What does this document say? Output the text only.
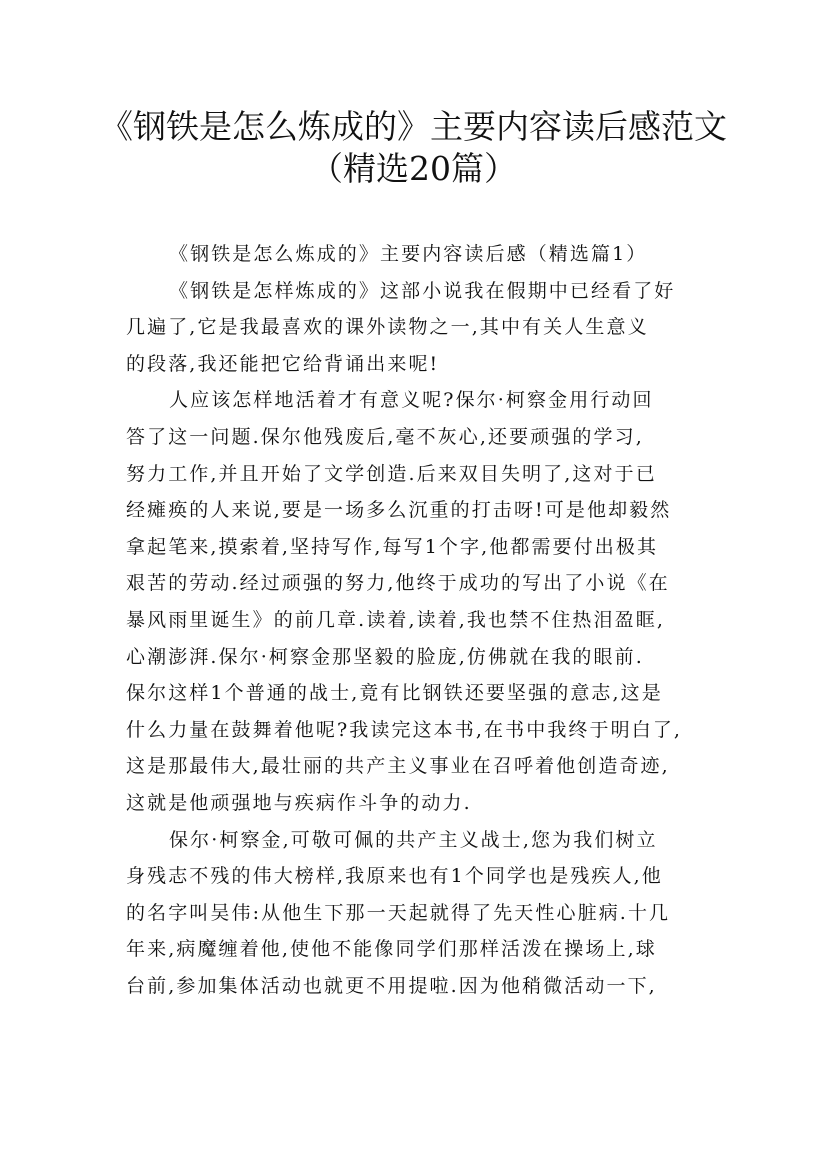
《钢铁是怎么炼成的》主要内容读后感范文
（精选20篇）
《钢铁是怎么炼成的》主要内容读后感（精选篇1）
《钢铁是怎样炼成的》这部小说我在假期中已经看了好
几遍了,它是我最喜欢的课外读物之一,其中有关人生意义
的段落,我还能把它给背诵出来呢!
人应该怎样地活着才有意义呢?保尔·柯察金用行动回
答了这一问题.保尔他残废后,毫不灰心,还要顽强的学习,
努力工作,并且开始了文学创造.后来双目失明了,这对于已
经瘫痪的人来说,要是一场多么沉重的打击呀!可是他却毅然
拿起笔来,摸索着,坚持写作,每写1个字,他都需要付出极其
艰苦的劳动.经过顽强的努力,他终于成功的写出了小说《在
暴风雨里诞生》的前几章.读着,读着,我也禁不住热泪盈眶,
心潮澎湃.保尔·柯察金那坚毅的脸庞,仿佛就在我的眼前.
保尔这样1个普通的战士,竟有比钢铁还要坚强的意志,这是
什么力量在鼓舞着他呢?我读完这本书,在书中我终于明白了,
这是那最伟大,最壮丽的共产主义事业在召呼着他创造奇迹,
这就是他顽强地与疾病作斗争的动力.
保尔·柯察金,可敬可佩的共产主义战士,您为我们树立
身残志不残的伟大榜样,我原来也有1个同学也是残疾人,他
的名字叫吴伟:从他生下那一天起就得了先天性心脏病.十几
年来,病魔缠着他,使他不能像同学们那样活泼在操场上,球
台前,参加集体活动也就更不用提啦.因为他稍微活动一下,
